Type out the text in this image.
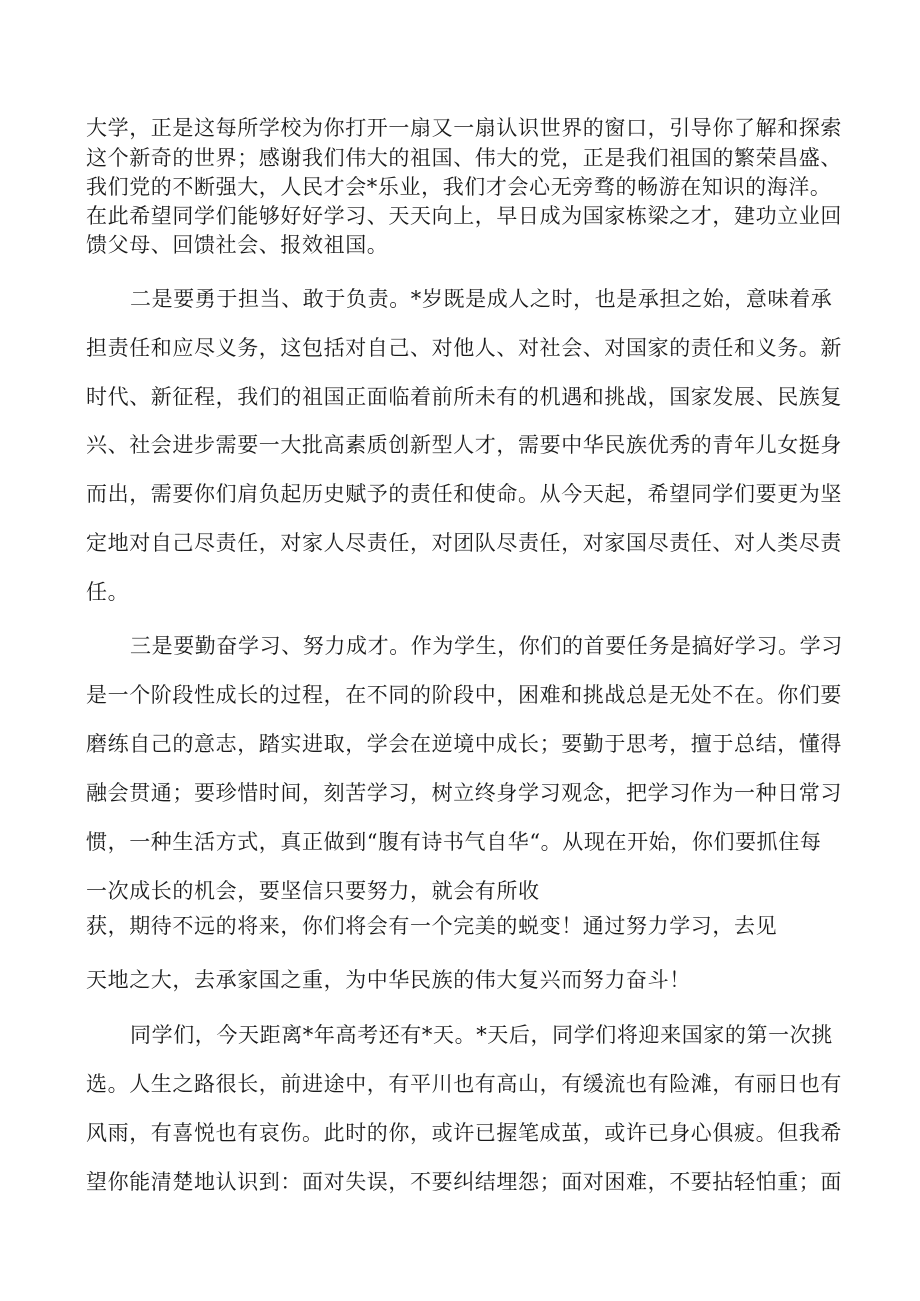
大学，正是这每所学校为你打开一扇又一扇认识世界的窗口，引导你了解和探索
这个新奇的世界；感谢我们伟大的祖国、伟大的党，正是我们祖国的繁荣昌盛、
我们党的不断强大，人民才会*乐业，我们才会心无旁骛的畅游在知识的海洋。
在此希望同学们能够好好学习、天天向上，早日成为国家栋梁之才，建功立业回
馈父母、回馈社会、报效祖国。
二是要勇于担当、敢于负责。*岁既是成人之时，也是承担之始，意味着承
担责任和应尽义务，这包括对自己、对他人、对社会、对国家的责任和义务。新
时代、新征程，我们的祖国正面临着前所未有的机遇和挑战，国家发展、民族复
兴、社会进步需要一大批高素质创新型人才，需要中华民族优秀的青年儿女挺身
而出，需要你们肩负起历史赋予的责任和使命。从今天起，希望同学们要更为坚
定地对自己尽责任，对家人尽责任，对团队尽责任，对家国尽责任、对人类尽责
任。
三是要勤奋学习、努力成才。作为学生，你们的首要任务是搞好学习。学习
是一个阶段性成长的过程，在不同的阶段中，困难和挑战总是无处不在。你们要
磨练自己的意志，踏实进取，学会在逆境中成长；要勤于思考，擅于总结，懂得
融会贯通；要珍惜时间，刻苦学习，树立终身学习观念，把学习作为一种日常习
惯，一种生活方式，真正做到“腹有诗书气自华“。从现在开始，你们要抓住每
一次成长的机会，要坚信只要努力，就会有所收
获，期待不远的将来，你们将会有一个完美的蜕变！通过努力学习，去见
天地之大，去承家国之重，为中华民族的伟大复兴而努力奋斗！
同学们，今天距离*年高考还有*天。*天后，同学们将迎来国家的第一次挑
选。人生之路很长，前进途中，有平川也有高山，有缓流也有险滩，有丽日也有
风雨，有喜悦也有哀伤。此时的你，或许已握笔成茧，或许已身心俱疲。但我希
望你能清楚地认识到：面对失误，不要纠结埋怨；面对困难，不要拈轻怕重；面
